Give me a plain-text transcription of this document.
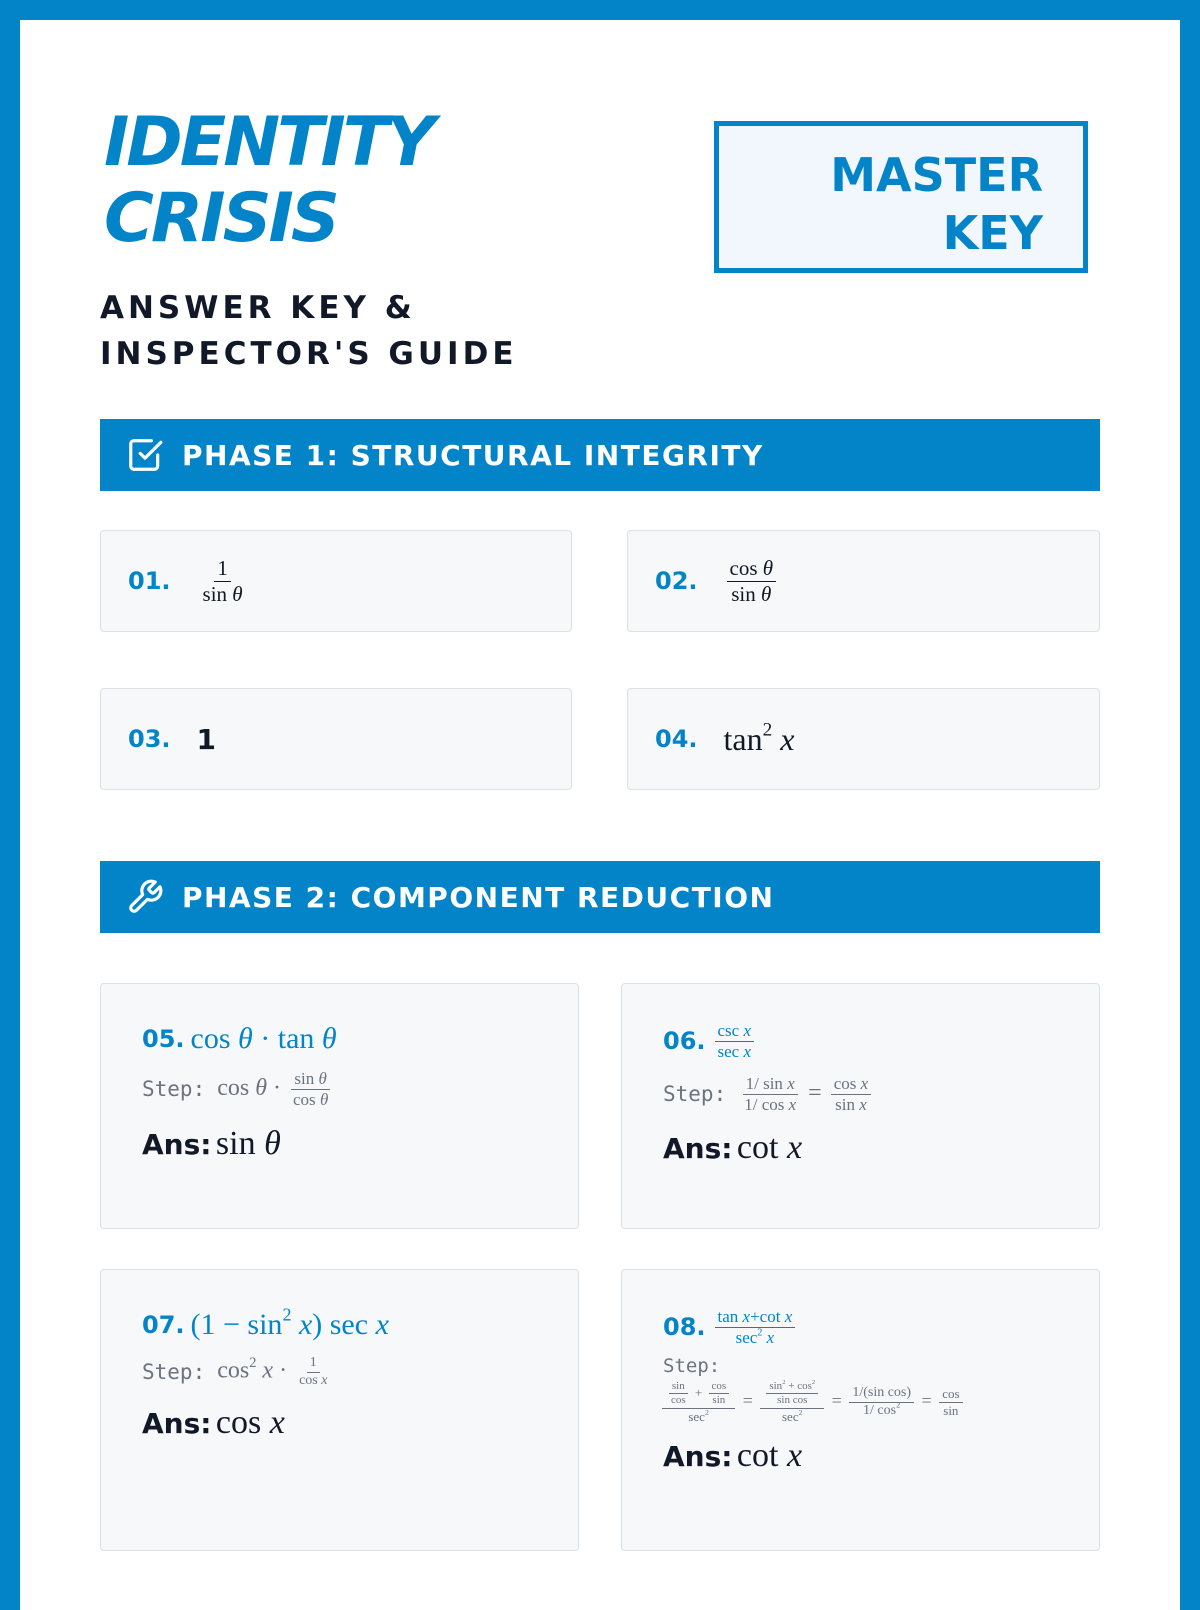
IDENTITY
CRISIS
ANSWER KEY & INSPECTOR'S GUIDE
MASTER
KEY
PHASE 1: STRUCTURAL INTEGRITY
01. $\frac{1}{\text{sin θ}}$	02. $\frac{\text{cos θ}}{\text{sin θ}}$
03. 1	04. $\tan^2 x$
PHASE 2: COMPONENT REDUCTION
05. cos θ · tan θ
Step: $\cos \theta \cdot \frac{\text{sin θ}}{\text{cos θ}}$
Ans: sin θ
06. $\frac{\text{csc x}}{\text{sec x}}$
Step: $\frac{\text{1/ sin x}}{\text{1/ cos x}} = \frac{\text{cos x}}{\text{sin x}}$
Ans: cot x
07. $(1 - \sin^2 x)$ sec x
Step: $\cos^2 x \cdot \frac{1}{\text{cos x}}$
Ans: cos x
08. $\frac{\text{tan x+cot x}}{\sec^2 x}$
Step:
$\frac{\frac{\sin}{\cos} + \frac{\cos}{\sin}}{\sec^2} = \frac{\frac{\sin^2 + \cos^2}{\text{sin cos}}}{\sec^2} = \frac{\text{1/(sin cos)}}{1/ \cos^2} = \frac{\cos}{\sin}$
Ans: cot x
